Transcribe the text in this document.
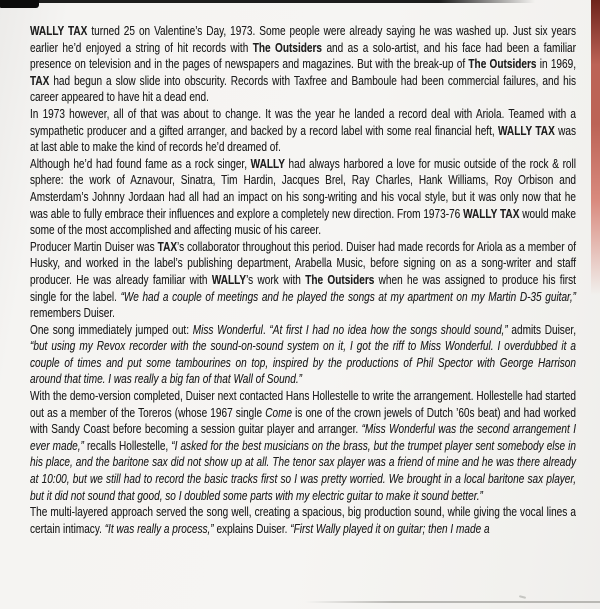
WALLY TAX turned 25 on Valentine’s Day, 1973. Some people were already saying he was washed up. Just six years earlier he’d enjoyed a string of hit records with The Outsiders and as a solo-artist, and his face had been a familiar presence on television and in the pages of newspapers and magazines. But with the break-up of The Outsiders in 1969, TAX had begun a slow slide into obscurity. Records with Taxfree and Bamboule had been commercial failures, and his career appeared to have hit a dead end.

In 1973 however, all of that was about to change. It was the year he landed a record deal with Ariola. Teamed with a sympathetic producer and a gifted arranger, and backed by a record label with some real financial heft, WALLY TAX was at last able to make the kind of records he’d dreamed of.

Although he’d had found fame as a rock singer, WALLY had always harbored a love for music outside of the rock & roll sphere: the work of Aznavour, Sinatra, Tim Hardin, Jacques Brel, Ray Charles, Hank Williams, Roy Orbison and Amsterdam’s Johnny Jordaan had all had an impact on his song-writing and his vocal style, but it was only now that he was able to fully embrace their influences and explore a completely new direction. From 1973-76 WALLY TAX would make some of the most accomplished and affecting music of his career.

Producer Martin Duiser was TAX’s collaborator throughout this period. Duiser had made records for Ariola as a member of Husky, and worked in the label’s publishing department, Arabella Music, before signing on as a song-writer and staff producer. He was already familiar with WALLY’s work with The Outsiders when he was assigned to produce his first single for the label. “We had a couple of meetings and he played the songs at my apartment on my Martin D-35 guitar,” remembers Duiser.

One song immediately jumped out: Miss Wonderful. “At first I had no idea how the songs should sound,” admits Duiser, “but using my Revox recorder with the sound-on-sound system on it, I got the riff to Miss Wonderful. I overdubbed it a couple of times and put some tambourines on top, inspired by the productions of Phil Spector with George Harrison around that time. I was really a big fan of that Wall of Sound.”

With the demo-version completed, Duiser next contacted Hans Hollestelle to write the arrangement. Hollestelle had started out as a member of the Toreros (whose 1967 single Come is one of the crown jewels of Dutch ’60s beat) and had worked with Sandy Coast before becoming a session guitar player and arranger. “Miss Wonderful was the second arrangement I ever made,” recalls Hollestelle, “I asked for the best musicians on the brass, but the trumpet player sent somebody else in his place, and the baritone sax did not show up at all. The tenor sax player was a friend of mine and he was there already at 10:00, but we still had to record the basic tracks first so I was pretty worried. We brought in a local baritone sax player, but it did not sound that good, so I doubled some parts with my electric guitar to make it sound better.”

The multi-layered approach served the song well, creating a spacious, big production sound, while giving the vocal lines a certain intimacy. “It was really a process,” explains Duiser. “First Wally played it on guitar; then I made a
